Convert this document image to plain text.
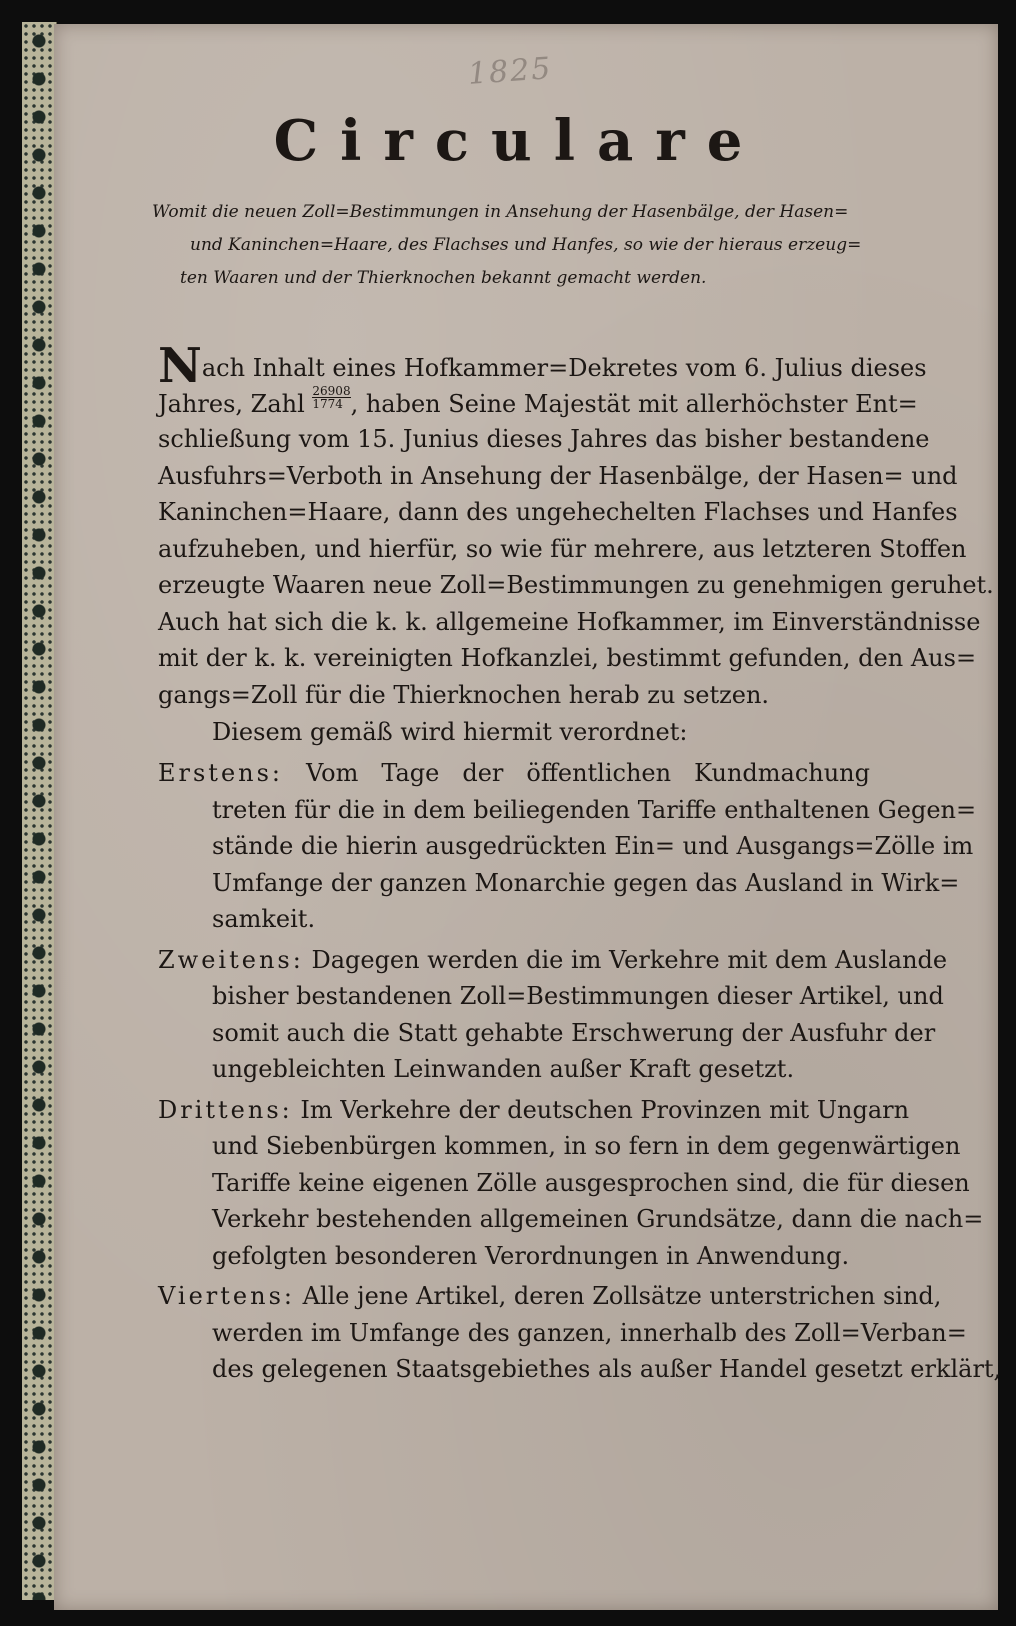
1825
Circulare
Womit die neuen Zoll=Bestimmungen in Ansehung der Hasenbälge, der Hasen=
und Kaninchen=Haare, des Flachses und Hanfes, so wie der hieraus erzeug=
ten Waaren und der Thierknochen bekannt gemacht werden.
Nach Inhalt eines Hofkammer=Dekretes vom 6. Julius dieses
Jahres, Zahl $\frac{26908}{1774}$ , haben Seine Majestät mit allerhöchster Ent=
schließung vom 15. Junius dieses Jahres das bisher bestandene
Ausfuhrs=Verboth in Ansehung der Hasenbälge, der Hasen= und
Kaninchen=Haare, dann des ungehechelten Flachses und Hanfes
aufzuheben, und hierfür, so wie für mehrere, aus letzteren Stoffen
erzeugte Waaren neue Zoll=Bestimmungen zu genehmigen geruhet.
Auch hat sich die k. k. allgemeine Hofkammer, im Einverständnisse
mit der k. k. vereinigten Hofkanzlei, bestimmt gefunden, den Aus=
gangs=Zoll für die Thierknochen herab zu setzen.
Diesem gemäß wird hiermit verordnet:
Erstens: Vom Tage der öffentlichen Kundmachung
treten für die in dem beiliegenden Tariffe enthaltenen Gegen=
stände die hierin ausgedrückten Ein= und Ausgangs=Zölle im
Umfange der ganzen Monarchie gegen das Ausland in Wirk=
samkeit.
Zweitens: Dagegen werden die im Verkehre mit dem Auslande
bisher bestandenen Zoll=Bestimmungen dieser Artikel, und
somit auch die Statt gehabte Erschwerung der Ausfuhr der
ungebleichten Leinwanden außer Kraft gesetzt.
Drittens: Im Verkehre der deutschen Provinzen mit Ungarn
und Siebenbürgen kommen, in so fern in dem gegenwärtigen
Tariffe keine eigenen Zölle ausgesprochen sind, die für diesen
Verkehr bestehenden allgemeinen Grundsätze, dann die nach=
gefolgten besonderen Verordnungen in Anwendung.
Viertens: Alle jene Artikel, deren Zollsätze unterstrichen sind,
werden im Umfange des ganzen, innerhalb des Zoll=Verban=
des gelegenen Staatsgebiethes als außer Handel gesetzt erklärt,
